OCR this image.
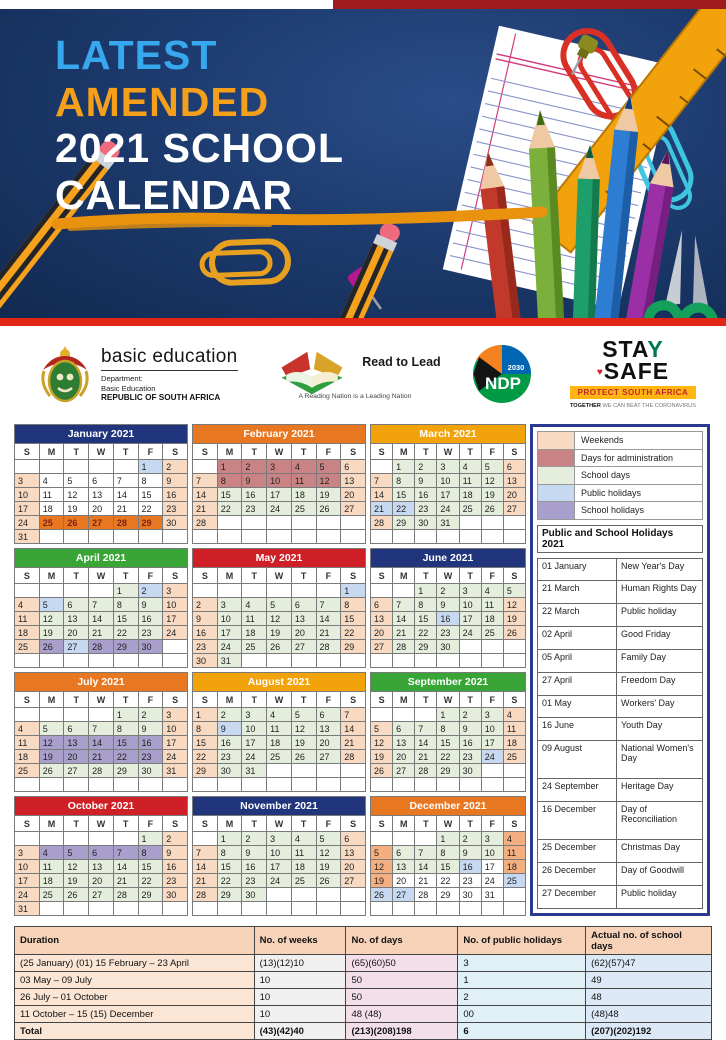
LATEST
AMENDED
2021 SCHOOL
CALENDAR
basic education
Department:
Basic Education
REPUBLIC OF SOUTH AFRICA
Read to Lead
A Reading Nation is a Leading Nation
NDP
2030
STAY
♥SAFE
PROTECT SOUTH AFRICA
TOGETHER WE CAN BEAT THE CORONAVIRUS
	Weekends
	Days for administration
	School days
	Public holidays
	School holidays
Public and School Holidays 2021
01 January	New Year's Day
21 March	Human Rights Day
22 March	Public holiday
02 April	Good Friday
05 April	Family Day
27 April	Freedom Day
01 May	Workers' Day
16 June	Youth Day
09 August	National Women's Day
24 September	Heritage Day
16 December	Day of Reconciliation
25 December	Christmas Day
26 December	Day of Goodwill
27 December	Public holiday
January 2021						
S	M	T	W	T	F	S
					1	2
3	4	5	6	7	8	9
10	11	12	13	14	15	16
17	18	19	20	21	22	23
24	25	26	27	28	29	30
31						
February 2021						
S	M	T	W	T	F	S
	1	2	3	4	5	6
7	8	9	10	11	12	13
14	15	16	17	18	19	20
21	22	23	24	25	26	27
28						

March 2021						
S	M	T	W	T	F	S
	1	2	3	4	5	6
7	8	9	10	11	12	13
14	15	16	17	18	19	20
21	22	23	24	25	26	27
28	29	30	31			

April 2021						
S	M	T	W	T	F	S
				1	2	3
4	5	6	7	8	9	10
11	12	13	14	15	16	17
18	19	20	21	22	23	24
25	26	27	28	29	30	

May 2021						
S	M	T	W	T	F	S
						1
2	3	4	5	6	7	8
9	10	11	12	13	14	15
16	17	18	19	20	21	22
23	24	25	26	27	28	29
30	31					
June 2021						
S	M	T	W	T	F	S
		1	2	3	4	5
6	7	8	9	10	11	12
13	14	15	16	17	18	19
20	21	22	23	24	25	26
27	28	29	30			

July 2021						
S	M	T	W	T	F	S
				1	2	3
4	5	6	7	8	9	10
11	12	13	14	15	16	17
18	19	20	21	22	23	24
25	26	27	28	29	30	31

August 2021						
S	M	T	W	T	F	S
1	2	3	4	5	6	7
8	9	10	11	12	13	14
15	16	17	18	19	20	21
22	23	24	25	26	27	28
29	30	31				

September 2021						
S	M	T	W	T	F	S
			1	2	3	4
5	6	7	8	9	10	11
12	13	14	15	16	17	18
19	20	21	22	23	24	25
26	27	28	29	30		

October 2021						
S	M	T	W	T	F	S
					1	2
3	4	5	6	7	8	9
10	11	12	13	14	15	16
17	18	19	20	21	22	23
24	25	26	27	28	29	30
31						
November 2021						
S	M	T	W	T	F	S
	1	2	3	4	5	6
7	8	9	10	11	12	13
14	15	16	17	18	19	20
21	22	23	24	25	26	27
28	29	30				

December 2021						
S	M	T	W	T	F	S
			1	2	3	4
5	6	7	8	9	10	11
12	13	14	15	16	17	18
19	20	21	22	23	24	25
26	27	28	29	30	31	

Duration	No. of weeks	No. of days	No. of public holidays	Actual no. of school days
(25 January) (01) 15 February – 23 April	(13)(12)10	(65)(60)50	3	(62)(57)47
03 May – 09 July	10	50	1	49
26 July – 01 October	10	50	2	48
11 October – 15 (15) December	10	48 (48)	00	(48)48
Total	(43)(42)40	(213)(208)198	6	(207)(202)192
